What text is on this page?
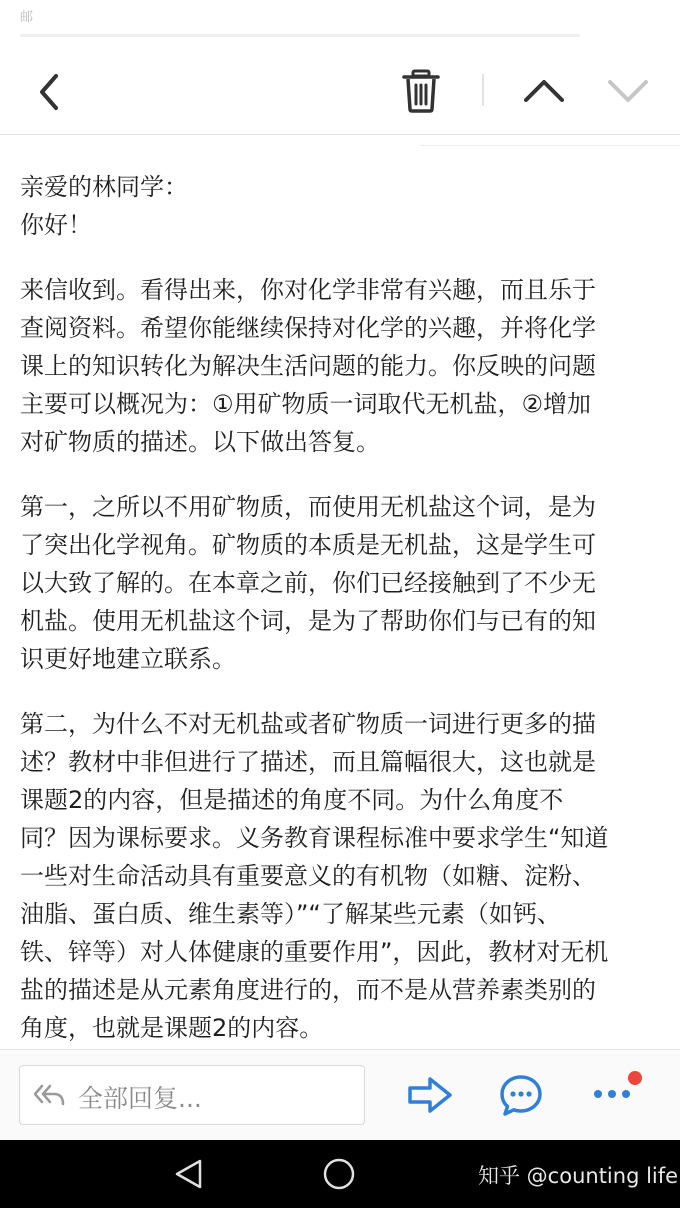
邮

亲爱的林同学：

你好！

来信收到。看得出来，你对化学非常有兴趣，而且乐于
查阅资料。希望你能继续保持对化学的兴趣，并将化学
课上的知识转化为解决生活问题的能力。你反映的问题
主要可以概况为：①用矿物质一词取代无机盐，②增加
对矿物质的描述。以下做出答复。

第一，之所以不用矿物质，而使用无机盐这个词，是为
了突出化学视角。矿物质的本质是无机盐，这是学生可
以大致了解的。在本章之前，你们已经接触到了不少无
机盐。使用无机盐这个词，是为了帮助你们与已有的知
识更好地建立联系。

第二，为什么不对无机盐或者矿物质一词进行更多的描
述？教材中非但进行了描述，而且篇幅很大，这也就是
课题2的内容，但是描述的角度不同。为什么角度不
同？因为课标要求。义务教育课程标准中要求学生“知道
一些对生命活动具有重要意义的有机物（如糖、淀粉、
油脂、蛋白质、维生素等）”“了解某些元素（如钙、
铁、锌等）对人体健康的重要作用”，因此，教材对无机
盐的描述是从元素角度进行的，而不是从营养素类别的
角度，也就是课题2的内容。

全部回复...
知乎 @counting life
